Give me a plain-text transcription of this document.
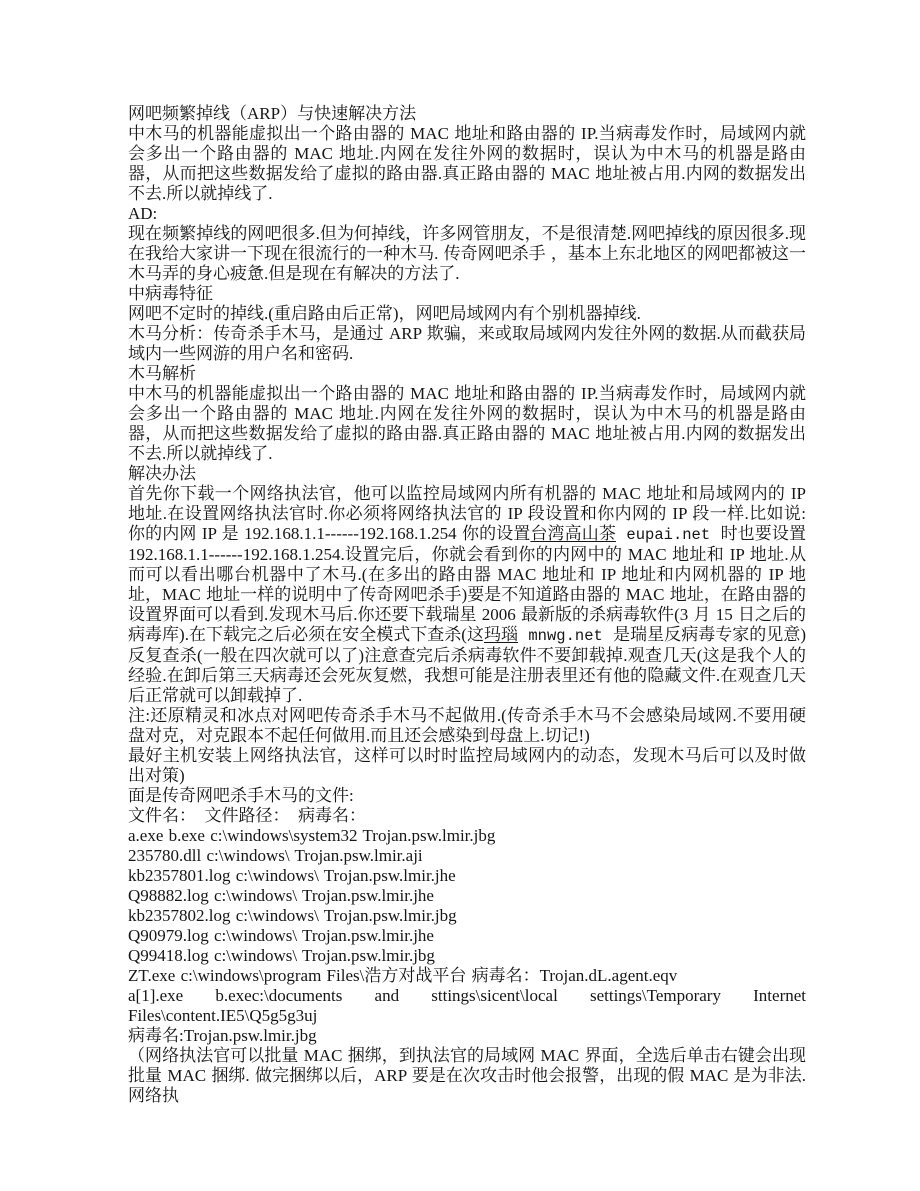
网吧频繁掉线（ARP）与快速解决方法

中木马的机器能虚拟出一个路由器的 MAC 地址和路由器的 IP.当病毒发作时，局域网内就会多出一个路由器的 MAC 地址.内网在发往外网的数据时，误认为中木马的机器是路由器，从而把这些数据发给了虚拟的路由器.真正路由器的 MAC 地址被占用.内网的数据发出不去.所以就掉线了.

AD:

现在频繁掉线的网吧很多.但为何掉线，许多网管朋友，不是很清楚.网吧掉线的原因很多.现在我给大家讲一下现在很流行的一种木马. 传奇网吧杀手 ，基本上东北地区的网吧都被这一木马弄的身心疲惫.但是现在有解决的方法了.

中病毒特征

网吧不定时的掉线.(重启路由后正常)，网吧局域网内有个别机器掉线.

木马分析：传奇杀手木马，是通过 ARP 欺骗，来或取局域网内发往外网的数据.从而截获局域内一些网游的用户名和密码.

木马解析

中木马的机器能虚拟出一个路由器的 MAC 地址和路由器的 IP.当病毒发作时，局域网内就会多出一个路由器的 MAC 地址.内网在发往外网的数据时，误认为中木马的机器是路由器，从而把这些数据发给了虚拟的路由器.真正路由器的 MAC 地址被占用.内网的数据发出不去.所以就掉线了.

解决办法

首先你下载一个网络执法官，他可以监控局域网内所有机器的 MAC 地址和局域网内的 IP 地址.在设置网络执法官时.你必须将网络执法官的 IP 段设置和你内网的 IP 段一样.比如说:你的内网 IP 是 192.168.1.1------192.168.1.254 你的设置台湾高山茶 eupai.net 时也要设置 192.168.1.1------192.168.1.254.设置完后，你就会看到你的内网中的 MAC 地址和 IP 地址.从而可以看出哪台机器中了木马.(在多出的路由器 MAC 地址和 IP 地址和内网机器的 IP 地址，MAC 地址一样的说明中了传奇网吧杀手)要是不知道路由器的 MAC 地址，在路由器的设置界面可以看到.发现木马后.你还要下载瑞星 2006 最新版的杀病毒软件(3 月 15 日之后的病毒库).在下载完之后必须在安全模式下查杀(这玛瑙 mnwg.net 是瑞星反病毒专家的见意)反复查杀(一般在四次就可以了)注意查完后杀病毒软件不要卸载掉.观查几天(这是我个人的经验.在卸后第三天病毒还会死灰复燃，我想可能是注册表里还有他的隐藏文件.在观查几天后正常就可以卸载掉了.

注:还原精灵和冰点对网吧传奇杀手木马不起做用.(传奇杀手木马不会感染局域网.不要用硬盘对克，对克跟本不起任何做用.而且还会感染到母盘上.切记!)

最好主机安装上网络执法官，这样可以时时监控局域网内的动态，发现木马后可以及时做出对策)

面是传奇网吧杀手木马的文件:

文件名：　文件路径：　病毒名：

a.exe b.exe c:\windows\system32 Trojan.psw.lmir.jbg

235780.dll c:\windows\ Trojan.psw.lmir.aji

kb2357801.log c:\windows\ Trojan.psw.lmir.jhe

Q98882.log c:\windows\ Trojan.psw.lmir.jhe

kb2357802.log c:\windows\ Trojan.psw.lmir.jbg

Q90979.log c:\windows\ Trojan.psw.lmir.jhe

Q99418.log c:\windows\ Trojan.psw.lmir.jbg

ZT.exe c:\windows\program Files\浩方对战平台 病毒名：Trojan.dL.agent.eqv

a[1].exe b.exec:\documents and sttings\sicent\local settings\Temporary Internet Files\content.IE5\Q5g5g3uj

病毒名:Trojan.psw.lmir.jbg

（网络执法官可以批量 MAC 捆绑，到执法官的局域网 MAC 界面，全选后单击右键会出现批量 MAC 捆绑. 做完捆绑以后，ARP 要是在次攻击时他会报警，出现的假 MAC 是为非法. 网络执
